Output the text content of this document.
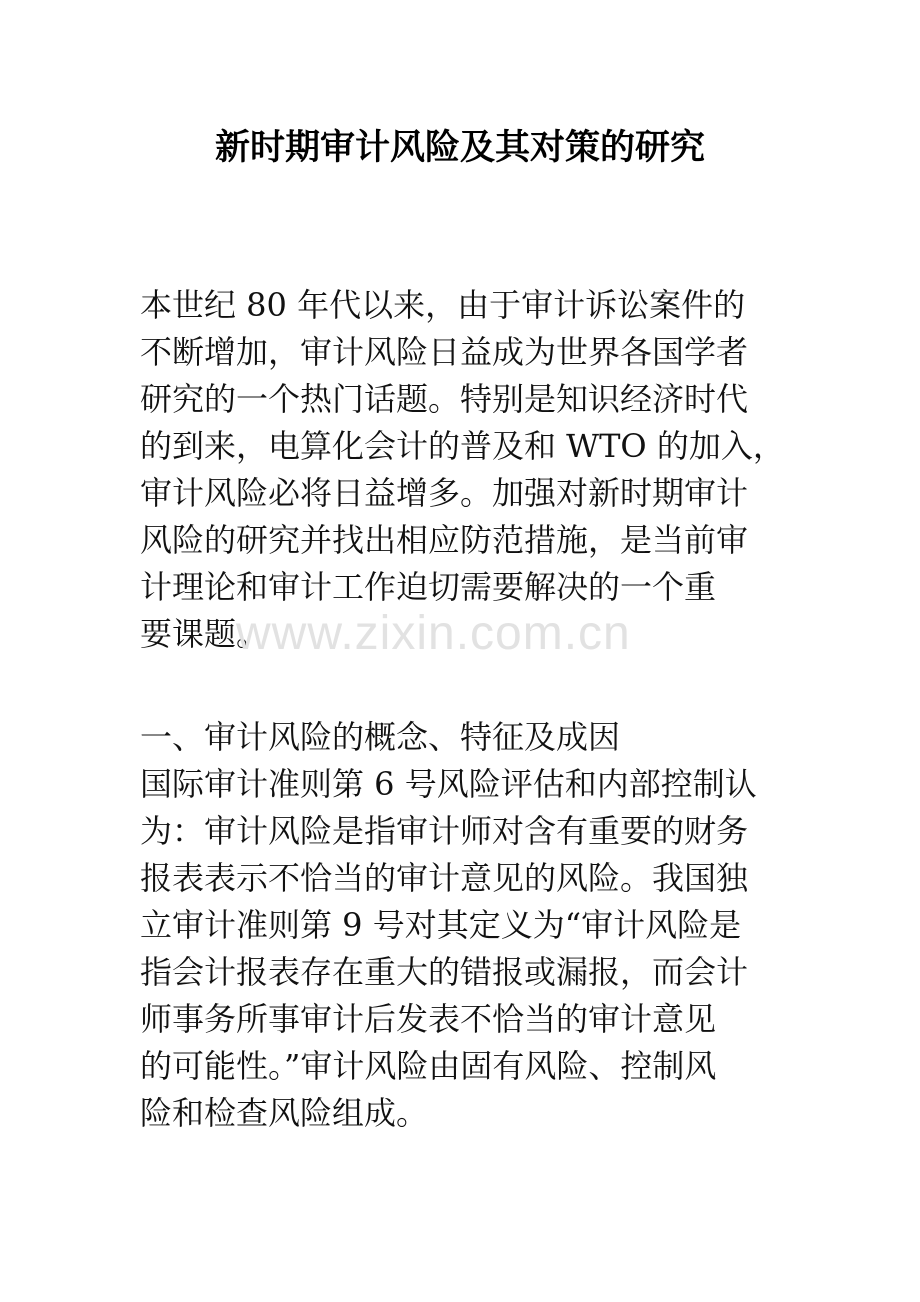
新时期审计风险及其对策的研究
本世纪 80 年代以来，由于审计诉讼案件的
不断增加，审计风险日益成为世界各国学者
研究的一个热门话题。特别是知识经济时代
的到来，电算化会计的普及和 WTO 的加入，
审计风险必将日益增多。加强对新时期审计
风险的研究并找出相应防范措施，是当前审
计理论和审计工作迫切需要解决的一个重
要课题。
一、审计风险的概念、特征及成因
国际审计准则第 6 号风险评估和内部控制认
为：审计风险是指审计师对含有重要的财务
报表表示不恰当的审计意见的风险。我国独
立审计准则第 9 号对其定义为“审计风险是
指会计报表存在重大的错报或漏报，而会计
师事务所事审计后发表不恰当的审计意见
的可能性。”审计风险由固有风险、控制风
险和检查风险组成。
www.zixin.com.cn
